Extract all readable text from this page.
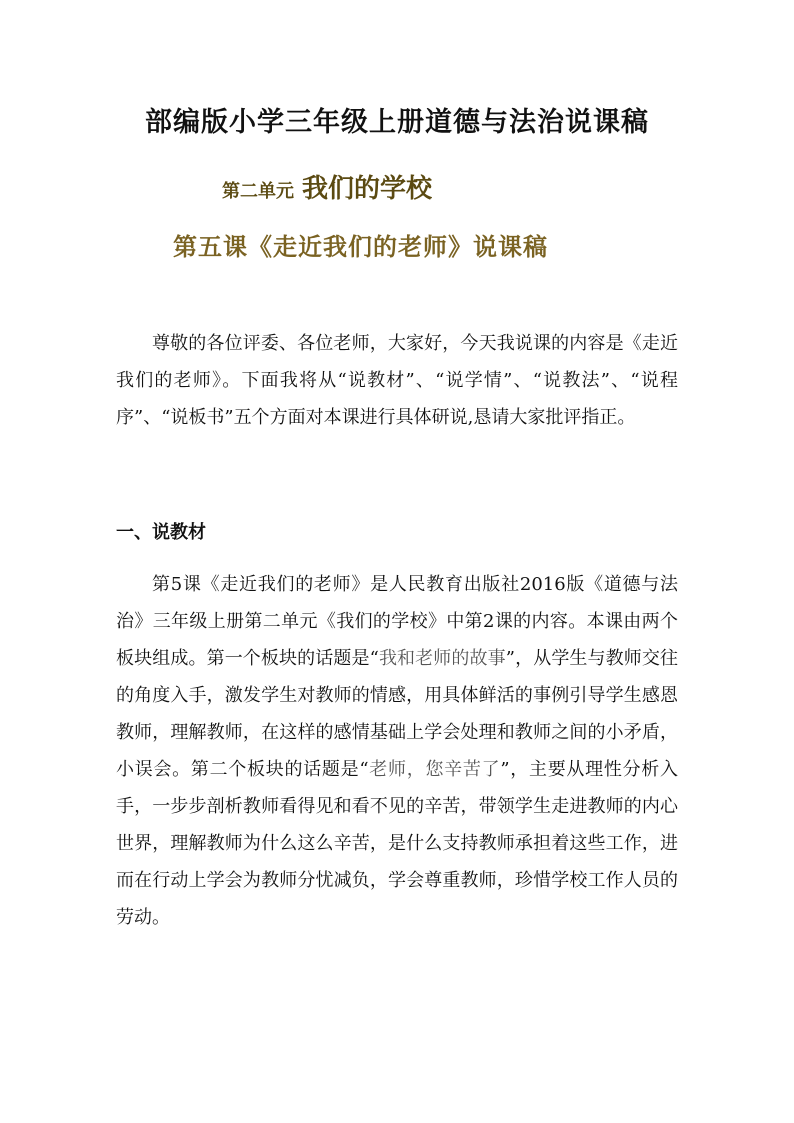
部编版小学三年级上册道德与法治说课稿
第二单元 我们的学校
第五课《走近我们的老师》说课稿

尊敬的各位评委、各位老师，大家好，今天我说课的内容是《走近我们的老师》。下面我将从“说教材”、“说学情”、“说教法”、“说程序”、“说板书”五个方面对本课进行具体研说,恳请大家批评指正。

一、说教材

第5课《走近我们的老师》是人民教育出版社2016版《道德与法治》三年级上册第二单元《我们的学校》中第2课的内容。本课由两个板块组成。第一个板块的话题是“我和老师的故事”，从学生与教师交往的角度入手，激发学生对教师的情感，用具体鲜活的事例引导学生感恩教师，理解教师，在这样的感情基础上学会处理和教师之间的小矛盾，小误会。第二个板块的话题是“老师，您辛苦了”，主要从理性分析入手，一步步剖析教师看得见和看不见的辛苦，带领学生走进教师的内心世界，理解教师为什么这么辛苦，是什么支持教师承担着这些工作，进而在行动上学会为教师分忧减负，学会尊重教师，珍惜学校工作人员的劳动。
